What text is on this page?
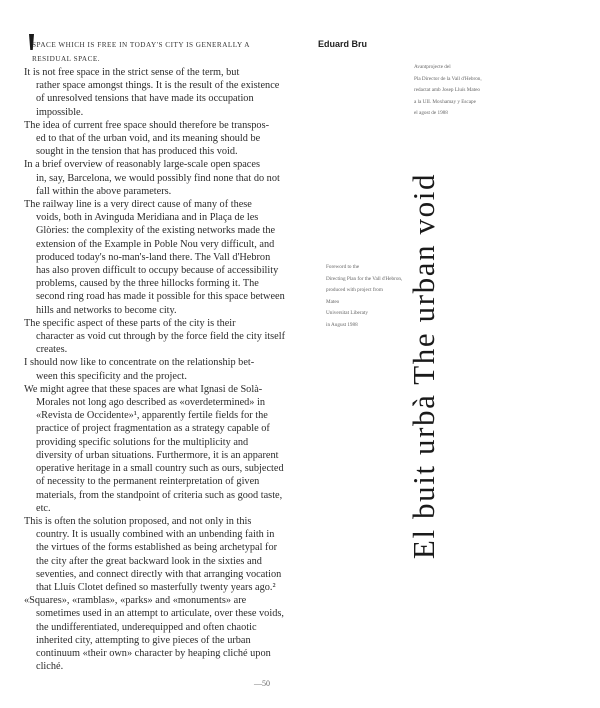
SPACE WHICH IS FREE IN TODAY'S CITY IS GENERALLY A RESIDUAL SPACE.

It is not free space in the strict sense of the term, but
rather space amongst things. It is the result of the existence of unresolved tensions that have made its occupation impossible.

The idea of current free space should therefore be transpos-
ed to that of the urban void, and its meaning should be sought in the tension that has produced this void.

In a brief overview of reasonably large-scale open spaces
in, say, Barcelona, we would possibly find none that do not fall within the above parameters.

The railway line is a very direct cause of many of these
voids, both in Avinguda Meridiana and in Plaça de les Glòries: the complexity of the existing networks made the extension of the Example in Poble Nou very difficult, and produced today's no-man's-land there. The Vall d'Hebron has also proven difficult to occupy because of accessibility problems, caused by the three hillocks forming it. The second ring road has made it possible for this space between hills and networks to become city.

The specific aspect of these parts of the city is their
character as void cut through by the force field the city itself creates.

I should now like to concentrate on the relationship bet-
ween this specificity and the project.

We might agree that these spaces are what Ignasi de Solà-
Morales not long ago described as «overdetermined» in «Revista de Occidente»¹, apparently fertile fields for the practice of project fragmentation as a strategy capable of providing specific solutions for the multiplicity and diversity of urban situations. Furthermore, it is an apparent operative heritage in a small country such as ours, subjected of necessity to the permanent reinterpretation of given materials, from the standpoint of criteria such as good taste, etc.

This is often the solution proposed, and not only in this
country. It is usually combined with an unbending faith in the virtues of the forms established as being archetypal for the city after the great backward look in the sixties and seventies, and connect directly with that arranging vocation that Lluís Clotet defined so masterfully twenty years ago.²

«Squares», «ramblas», «parks» and «monuments» are
sometimes used in an attempt to articulate, over these voids, the undifferentiated, underequipped and often chaotic inherited city, attempting to give pieces of the urban continuum «their own» character by heaping cliché upon cliché.

Eduard Bru
Avantprojecte del
Pla Director de la Vall d'Hebron,
redactat amb Josep Lluís Mateo
a la UII. Moxhamay y Escape
el agost de 1988
Foreword to the
Directing Plan for the Vall d'Hebron,
produced with project from
Mateo
Universitat Liberaty
in August 1988	El buit urbà The urban void
—50
